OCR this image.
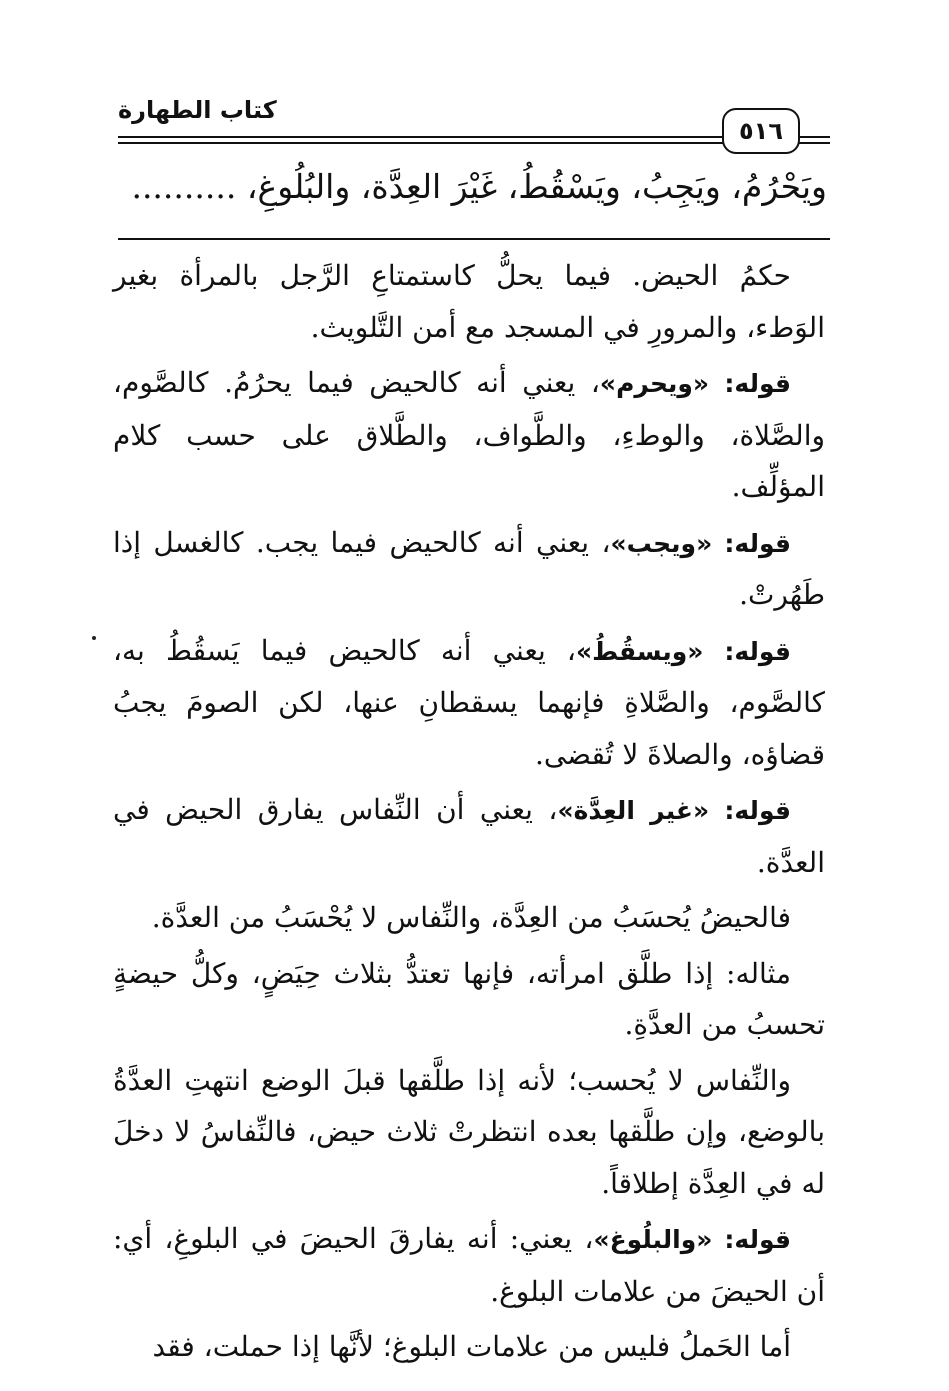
كتاب الطهارة
٥١٦
ويَحْرُمُ، ويَجِبُ، ويَسْقُطُ، غَيْرَ العِدَّة، والبُلُوغِ، ..........

حكمُ الحيض. فيما يحلُّ كاستمتاعِ الرَّجل بالمرأة بغير الوَطء، والمرورِ في المسجد مع أمن التَّلويث.

قوله: «ويحرم»، يعني أنه كالحيض فيما يحرُمُ. كالصَّوم، والصَّلاة، والوطءِ، والطَّواف، والطَّلاق على حسب كلام المؤلِّف.

قوله: «ويجب»، يعني أنه كالحيض فيما يجب. كالغسل إذا طَهُرتْ.

قوله: «ويسقُطُ»، يعني أنه كالحيض فيما يَسقُطُ به، كالصَّوم، والصَّلاةِ فإنهما يسقطانِ عنها، لكن الصومَ يجبُ قضاؤه، والصلاةَ لا تُقضى.

قوله: «غير العِدَّة»، يعني أن النِّفاس يفارق الحيض في العدَّة.

فالحيضُ يُحسَبُ من العِدَّة، والنِّفاس لا يُحْسَبُ من العدَّة.

مثاله: إذا طلَّق امرأته، فإنها تعتدُّ بثلاث حِيَضٍ، وكلُّ حيضةٍ تحسبُ من العدَّةِ.

والنِّفاس لا يُحسب؛ لأنه إذا طلَّقها قبلَ الوضع انتهتِ العدَّةُ بالوضع، وإن طلَّقها بعده انتظرتْ ثلاث حيض، فالنِّفاسُ لا دخلَ له في العِدَّة إطلاقاً.

قوله: «والبلُوغ»، يعني: أنه يفارقَ الحيضَ في البلوغِ، أي: أن الحيضَ من علامات البلوغ.

أما الحَملُ فليس من علامات البلوغ؛ لأنَّها إذا حملت، فقد
